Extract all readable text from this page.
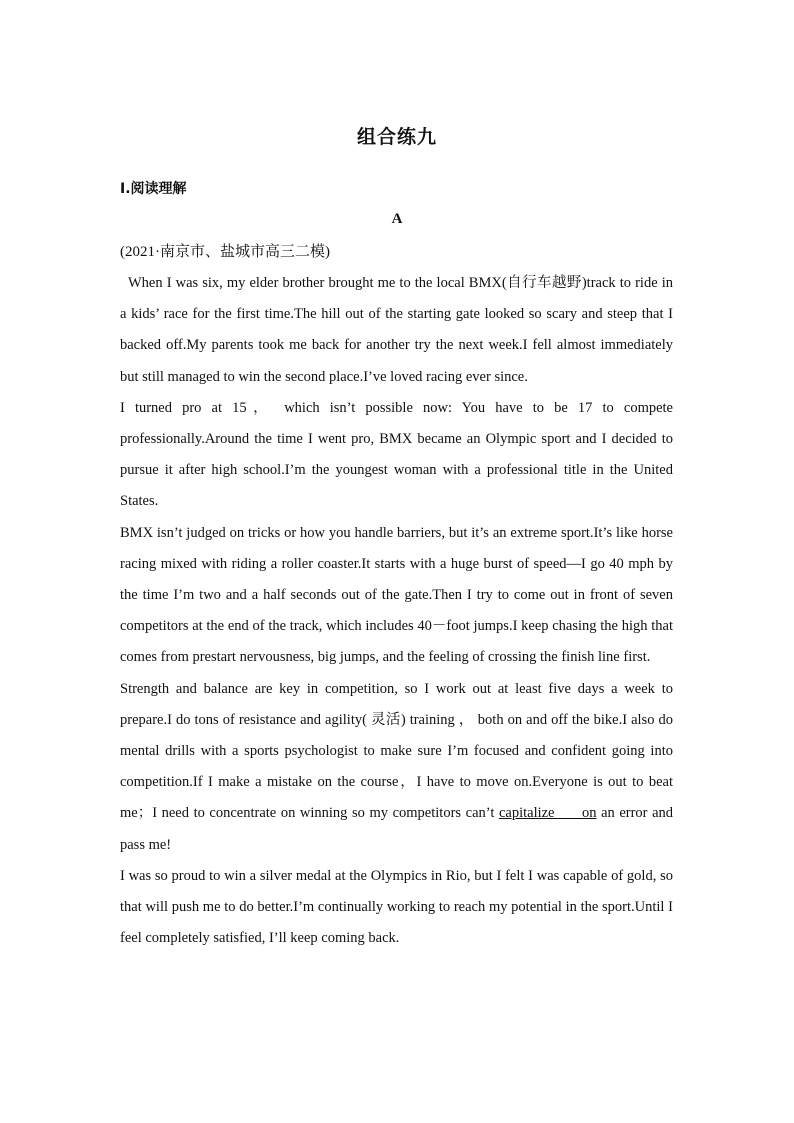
组合练九
Ⅰ.阅读理解
A
(2021·南京市、盐城市高三二模)

When I was six, my elder brother brought me to the local BMX(自行车越野)track to ride in a kids’ race for the first time.The hill out of the starting gate looked so scary and steep that I backed off.My parents took me back for another try the next week.I fell almost immediately but still managed to win the second place.I’ve loved racing ever since.

I turned pro at 15， which isn’t possible now: You have to be 17 to compete professionally.Around the time I went pro, BMX became an Olympic sport and I decided to pursue it after high school.I’m the youngest woman with a professional title in the United States.

BMX isn’t judged on tricks or how you handle barriers, but it’s an extreme sport.It’s like horse racing mixed with riding a roller coaster.It starts with a huge burst of speed—I go 40 mph by the time I’m two and a half seconds out of the gate.Then I try to come out in front of seven competitors at the end of the track, which includes 40－foot jumps.I keep chasing the high that comes from prestart nervousness, big jumps, and the feeling of crossing the finish line first.

Strength and balance are key in competition, so I work out at least five days a week to prepare.I do tons of resistance and agility( 灵活) training ， both on and off the bike.I also do mental drills with a sports psychologist to make sure I’m focused and confident going into competition.If I make a mistake on the course，I have to move on.Everyone is out to beat me；I need to concentrate on winning so my competitors can’t capitalize      on an error and pass me!

I was so proud to win a silver medal at the Olympics in Rio, but I felt I was capable of gold, so that will push me to do better.I’m continually working to reach my potential in the sport.Until I feel completely satisfied, I’ll keep coming back.
